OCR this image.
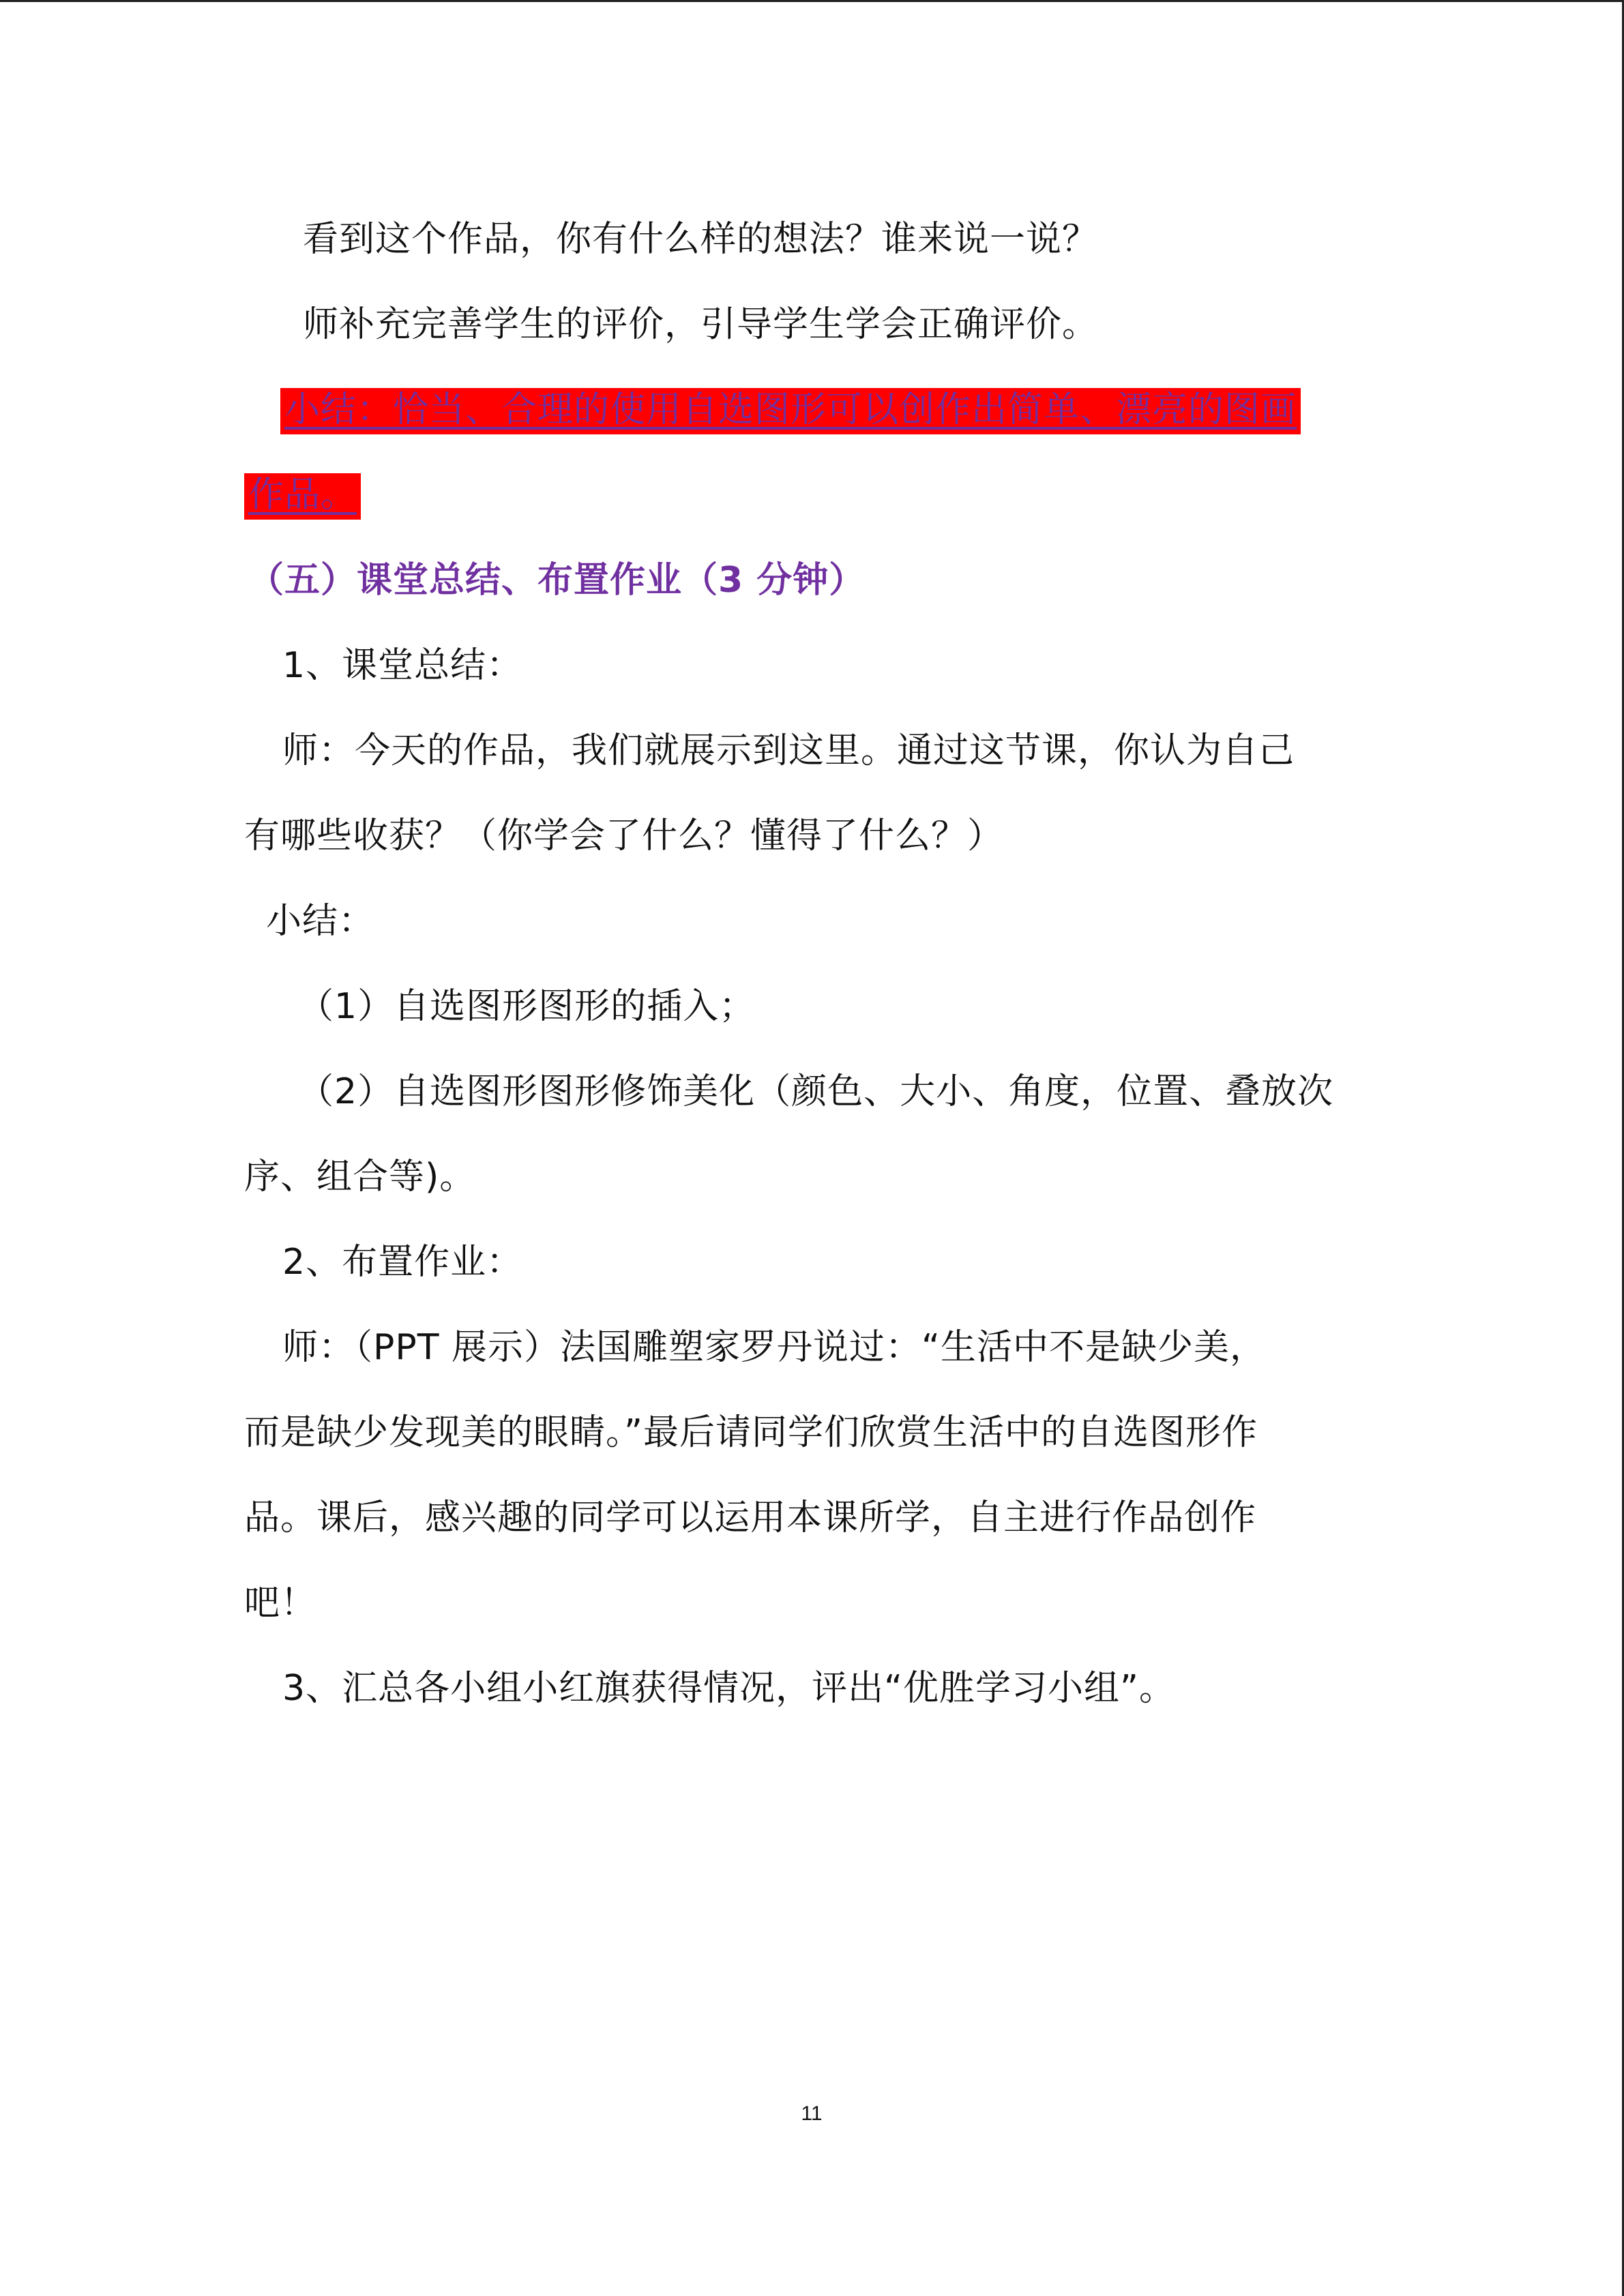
看到这个作品，你有什么样的想法？谁来说一说？
师补充完善学生的评价，引导学生学会正确评价。
小结：恰当、合理的使用自选图形可以创作出简单、漂亮的图画
作品。
（五）课堂总结、布置作业（3 分钟）
1、课堂总结：
师：今天的作品，我们就展示到这里。通过这节课，你认为自己
有哪些收获？（你学会了什么？懂得了什么？）
小结：
（1）自选图形图形的插入；
（2）自选图形图形修饰美化（颜色、大小、角度，位置、叠放次
序、组合等)。
2、布置作业：
师：（PPT 展示）法国雕塑家罗丹说过：“生活中不是缺少美，
而是缺少发现美的眼睛。”最后请同学们欣赏生活中的自选图形作
品。课后，感兴趣的同学可以运用本课所学，自主进行作品创作
吧！
3、汇总各小组小红旗获得情况，评出“优胜学习小组”。
11
